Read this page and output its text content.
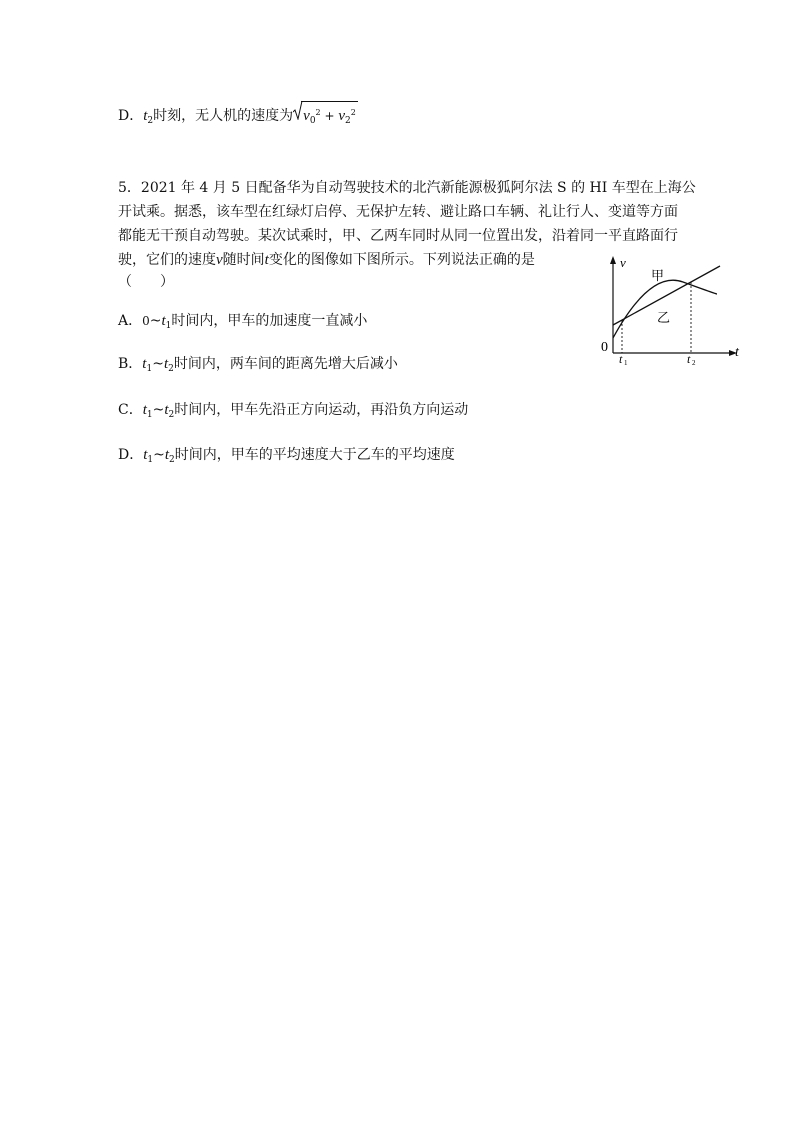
D．$t_2$时刻，无人机的速度为 $v_0^2 + v_2^2$
5．2021 年 4 月 5 日配备华为自动驾驶技术的北汽新能源极狐阿尔法 S 的 HI 车型在上海公
开试乘。据悉，该车型在红绿灯启停、无保护左转、避让路口车辆、礼让行人、变道等方面
都能无干预自动驾驶。某次试乘时，甲、乙两车同时从同一位置出发，沿着同一平直路面行
驶，它们的速度v随时间t变化的图像如下图所示。下列说法正确的是
（　　）
A．$0\sim t_1$时间内，甲车的加速度一直减小
B．$t_1\sim t_2$时间内，两车间的距离先增大后减小
C．$t_1\sim t_2$时间内，甲车先沿正方向运动，再沿负方向运动
D．$t_1\sim t_2$时间内，甲车的平均速度大于乙车的平均速度
v
t
0
t 1	t 2
甲
乙
